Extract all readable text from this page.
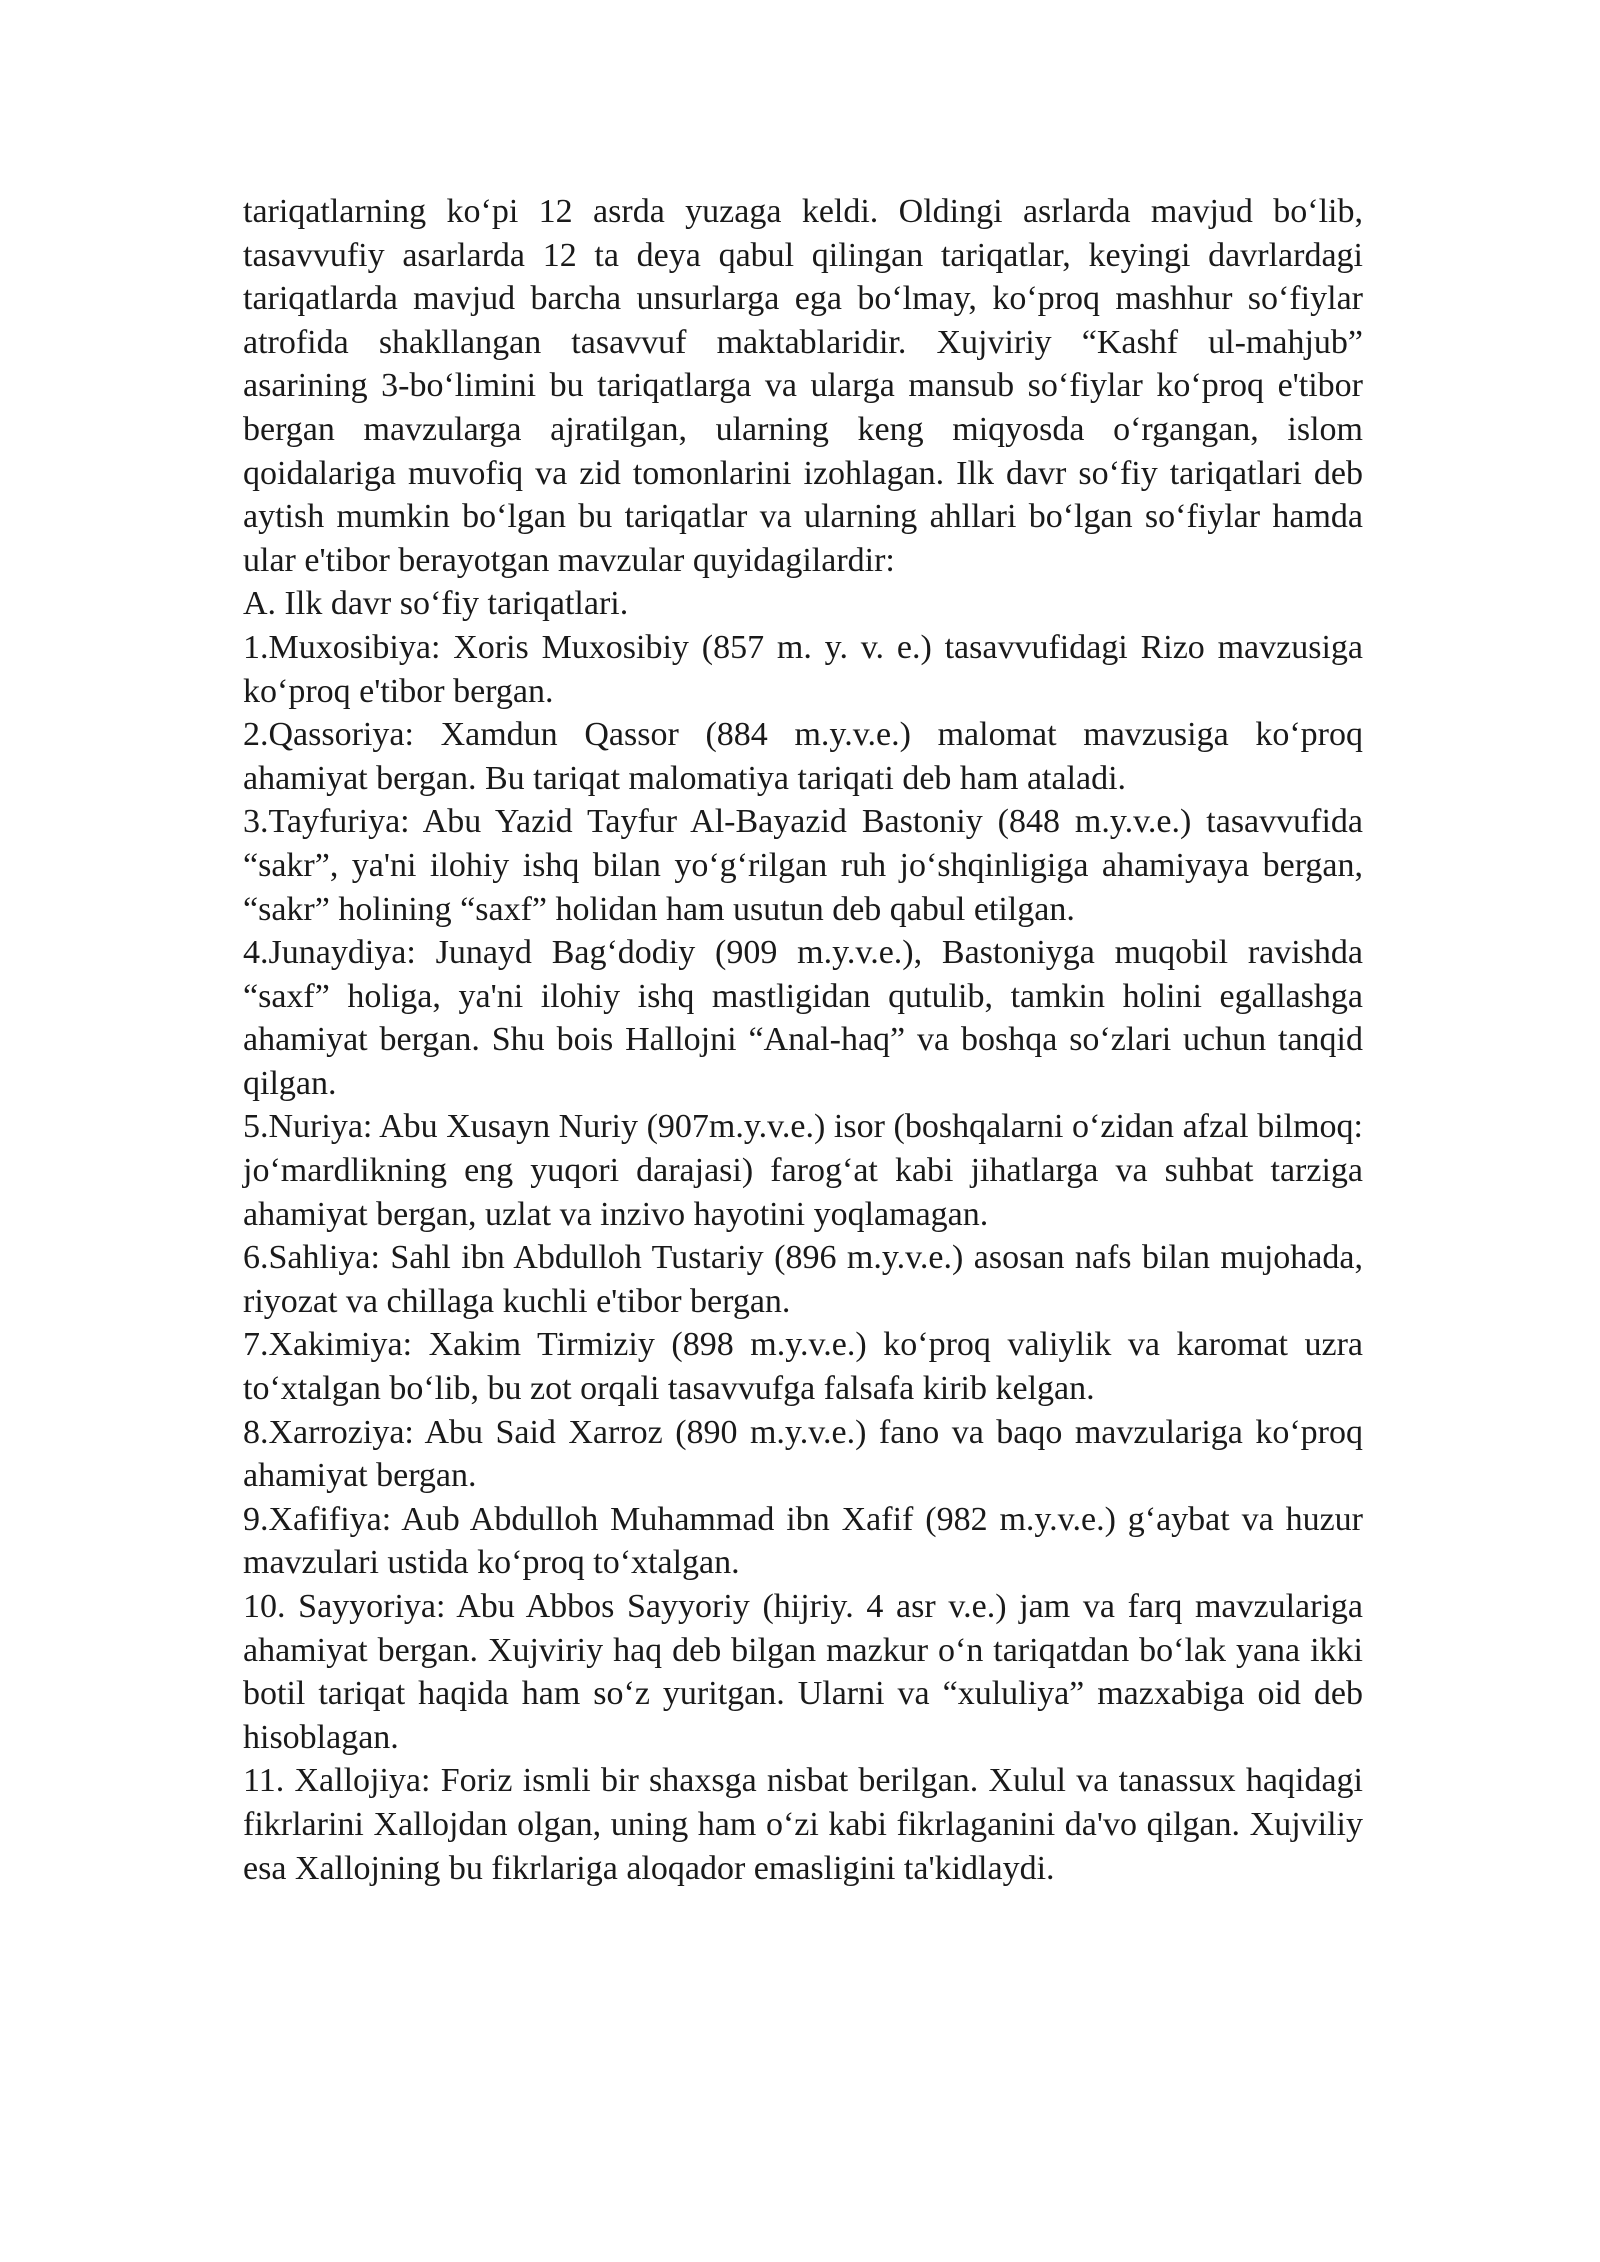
tariqatlarning ko‘pi 12 asrda yuzaga keldi. Oldingi asrlarda mavjud bo‘lib, tasavvufiy asarlarda 12 ta deya qabul qilingan tariqatlar, keyingi davrlardagi tariqatlarda mavjud barcha unsurlarga ega bo‘lmay, ko‘proq mashhur so‘fiylar atrofida shakllangan tasavvuf maktablaridir. Xujviriy “Kashf ul-mahjub” asarining 3-bo‘limini bu tariqatlarga va ularga mansub so‘fiylar ko‘proq e'tibor bergan mavzularga ajratilgan, ularning keng miqyosda o‘rgangan, islom qoidalariga muvofiq va zid tomonlarini izohlagan. Ilk davr so‘fiy tariqatlari deb aytish mumkin bo‘lgan bu tariqatlar va ularning ahllari bo‘lgan so‘fiylar hamda ular e'tibor berayotgan mavzular quyidagilardir:

A. Ilk davr so‘fiy tariqatlari.

1.Muxosibiya: Xoris Muxosibiy (857 m. y. v. e.) tasavvufidagi Rizo mavzusiga ko‘proq e'tibor bergan.

2.Qassoriya: Xamdun Qassor (884 m.y.v.e.) malomat mavzusiga ko‘proq ahamiyat bergan. Bu tariqat malomatiya tariqati deb ham ataladi.

3.Tayfuriya: Abu Yazid Tayfur Al-Bayazid Bastoniy (848 m.y.v.e.) tasavvufida “sakr”, ya'ni ilohiy ishq bilan yo‘g‘rilgan ruh jo‘shqinligiga ahamiyaya bergan, “sakr” holining “saxf” holidan ham usutun deb qabul etilgan.

4.Junaydiya: Junayd Bag‘dodiy (909 m.y.v.e.), Bastoniyga muqobil ravishda “saxf” holiga, ya'ni ilohiy ishq mastligidan qutulib, tamkin holini egallashga ahamiyat bergan. Shu bois Hallojni “Anal-haq” va boshqa so‘zlari uchun tanqid qilgan.

5.Nuriya: Abu Xusayn Nuriy (907m.y.v.e.) isor (boshqalarni o‘zidan afzal bilmoq: jo‘mardlikning eng yuqori darajasi) farog‘at kabi jihatlarga va suhbat tarziga ahamiyat bergan, uzlat va inzivo hayotini yoqlamagan.

6.Sahliya: Sahl ibn Abdulloh Tustariy (896 m.y.v.e.) asosan nafs bilan mujohada, riyozat va chillaga kuchli e'tibor bergan.

7.Xakimiya: Xakim Tirmiziy (898 m.y.v.e.) ko‘proq valiylik va karomat uzra to‘xtalgan bo‘lib, bu zot orqali tasavvufga falsafa kirib kelgan.

8.Xarroziya: Abu Said Xarroz (890 m.y.v.e.) fano va baqo mavzulariga ko‘proq ahamiyat bergan.

9.Xafifiya: Aub Abdulloh Muhammad ibn Xafif (982 m.y.v.e.) g‘aybat va huzur mavzulari ustida ko‘proq to‘xtalgan.

10. Sayyoriya: Abu Abbos Sayyoriy (hijriy. 4 asr v.e.) jam va farq mavzulariga ahamiyat bergan. Xujviriy haq deb bilgan mazkur o‘n tariqatdan bo‘lak yana ikki botil tariqat haqida ham so‘z yuritgan. Ularni va “xululiya” mazxabiga oid deb hisoblagan.

11. Xallojiya: Foriz ismli bir shaxsga nisbat berilgan. Xulul va tanassux haqidagi fikrlarini Xallojdan olgan, uning ham o‘zi kabi fikrlaganini da'vo qilgan. Xujviliy esa Xallojning bu fikrlariga aloqador emasligini ta'kidlaydi.
